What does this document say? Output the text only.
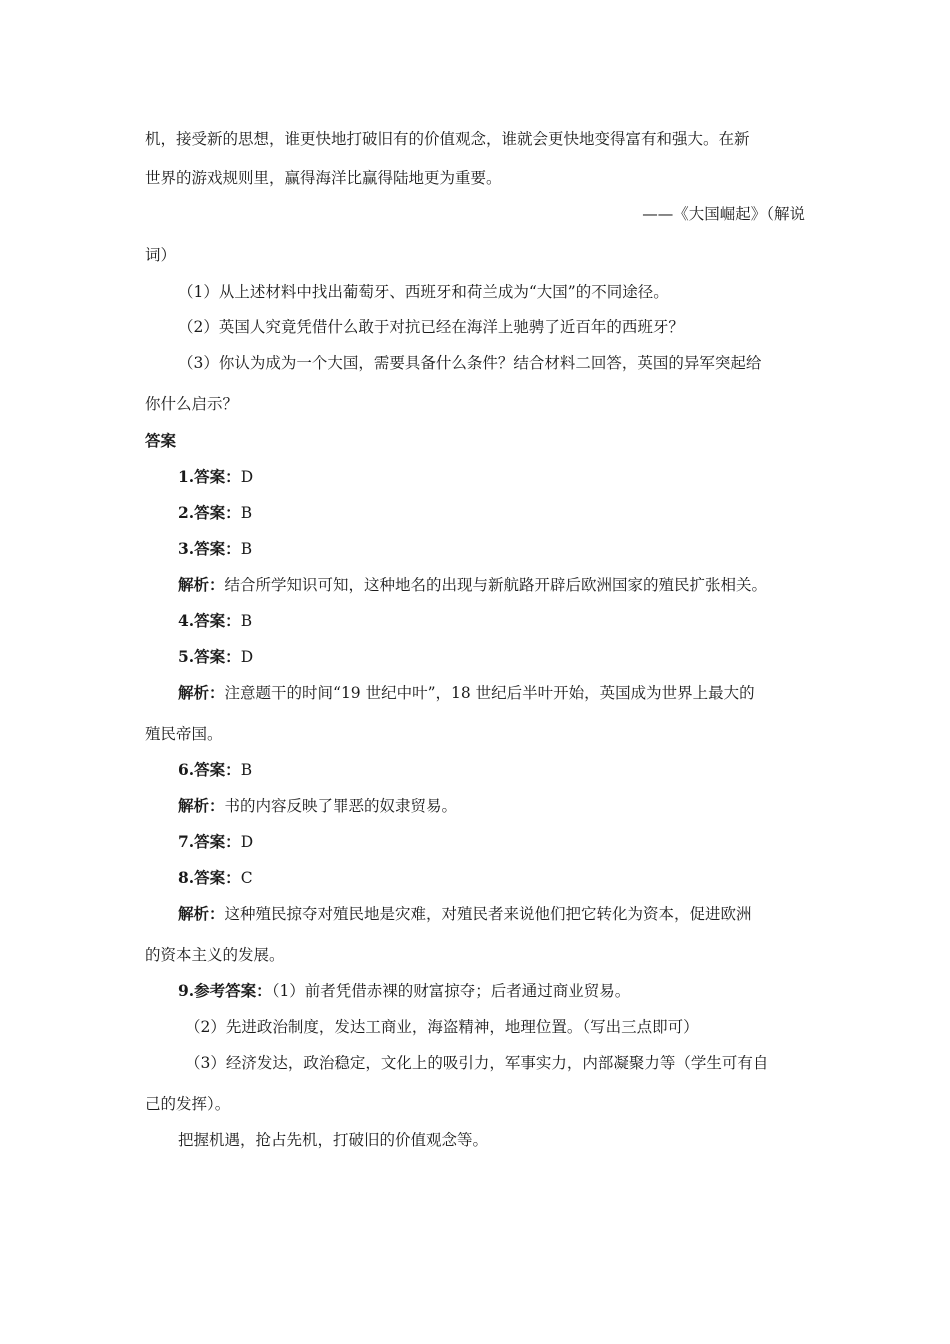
机，接受新的思想，谁更快地打破旧有的价值观念，谁就会更快地变得富有和强大。在新
世界的游戏规则里，赢得海洋比赢得陆地更为重要。
——《大国崛起》（解说
词）
（1）从上述材料中找出葡萄牙、西班牙和荷兰成为“大国”的不同途径。
（2）英国人究竟凭借什么敢于对抗已经在海洋上驰骋了近百年的西班牙？
（3）你认为成为一个大国，需要具备什么条件？结合材料二回答，英国的异军突起给
你什么启示？
答案
1.答案：D
2.答案：B
3.答案：B
解析：结合所学知识可知，这种地名的出现与新航路开辟后欧洲国家的殖民扩张相关。
4.答案：B
5.答案：D
解析：注意题干的时间“19 世纪中叶”，18 世纪后半叶开始，英国成为世界上最大的
殖民帝国。
6.答案：B
解析：书的内容反映了罪恶的奴隶贸易。
7.答案：D
8.答案：C
解析：这种殖民掠夺对殖民地是灾难，对殖民者来说他们把它转化为资本，促进欧洲
的资本主义的发展。
9.参考答案：（1）前者凭借赤裸的财富掠夺；后者通过商业贸易。
（2）先进政治制度，发达工商业，海盗精神，地理位置。（写出三点即可）
（3）经济发达，政治稳定，文化上的吸引力，军事实力，内部凝聚力等（学生可有自
己的发挥）。
把握机遇，抢占先机，打破旧的价值观念等。
